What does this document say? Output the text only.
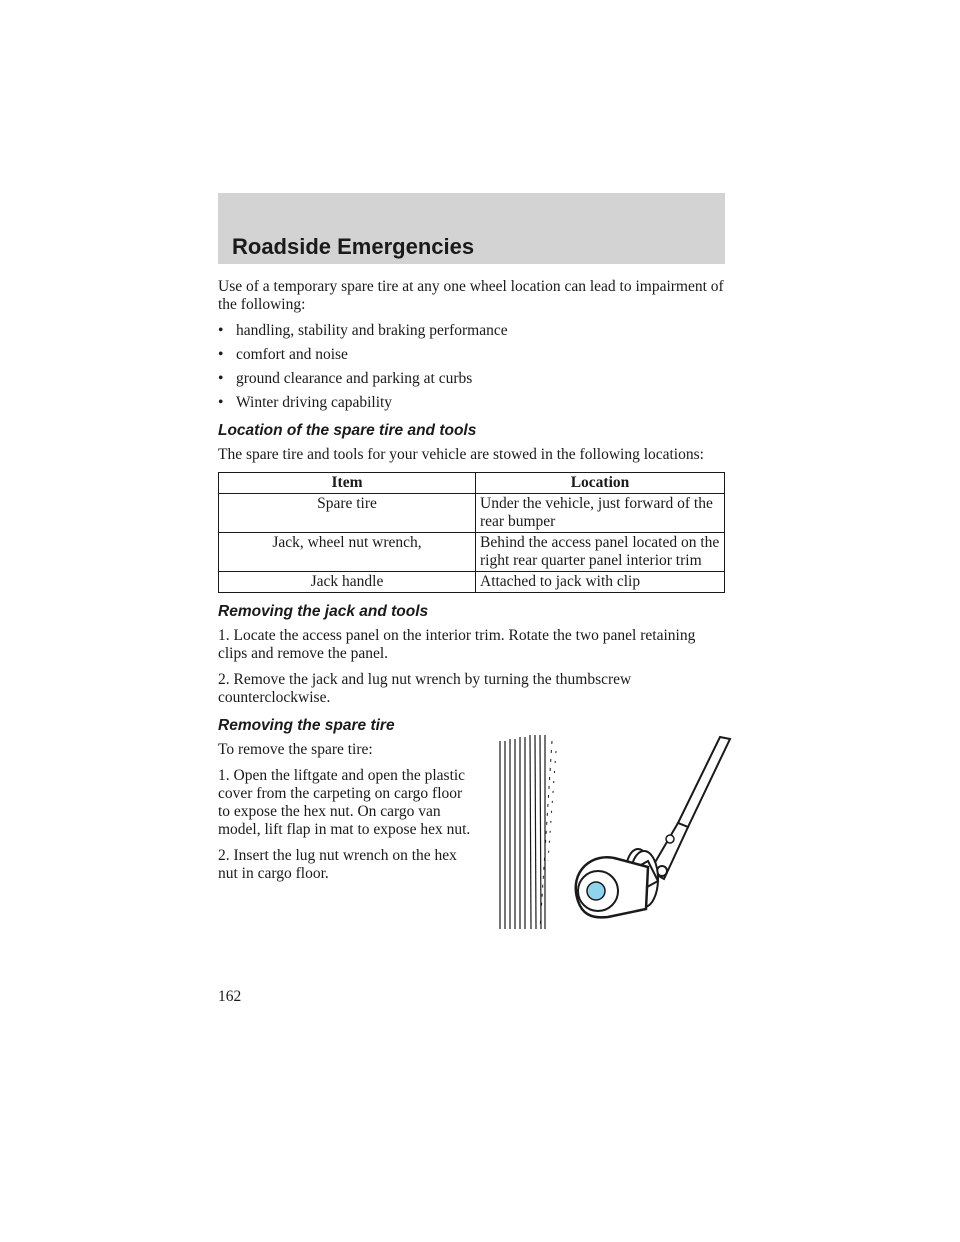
Roadside Emergencies

Use of a temporary spare tire at any one wheel location can lead to impairment of the following:

• handling, stability and braking performance
• comfort and noise
• ground clearance and parking at curbs
• Winter driving capability
Location of the spare tire and tools

The spare tire and tools for your vehicle are stowed in the following locations:

Item	Location
Spare tire	Under the vehicle, just forward of the rear bumper
Jack, wheel nut wrench,	Behind the access panel located on the right rear quarter panel interior trim
Jack handle	Attached to jack with clip
Removing the jack and tools

1. Locate the access panel on the interior trim. Rotate the two panel retaining clips and remove the panel.

2. Remove the jack and lug nut wrench by turning the thumbscrew counterclockwise.

Removing the spare tire

To remove the spare tire:

1. Open the liftgate and open the plastic cover from the carpeting on cargo floor to expose the hex nut. On cargo van model, lift flap in mat to expose hex nut.

2. Insert the lug nut wrench on the hex nut in cargo floor.

162
